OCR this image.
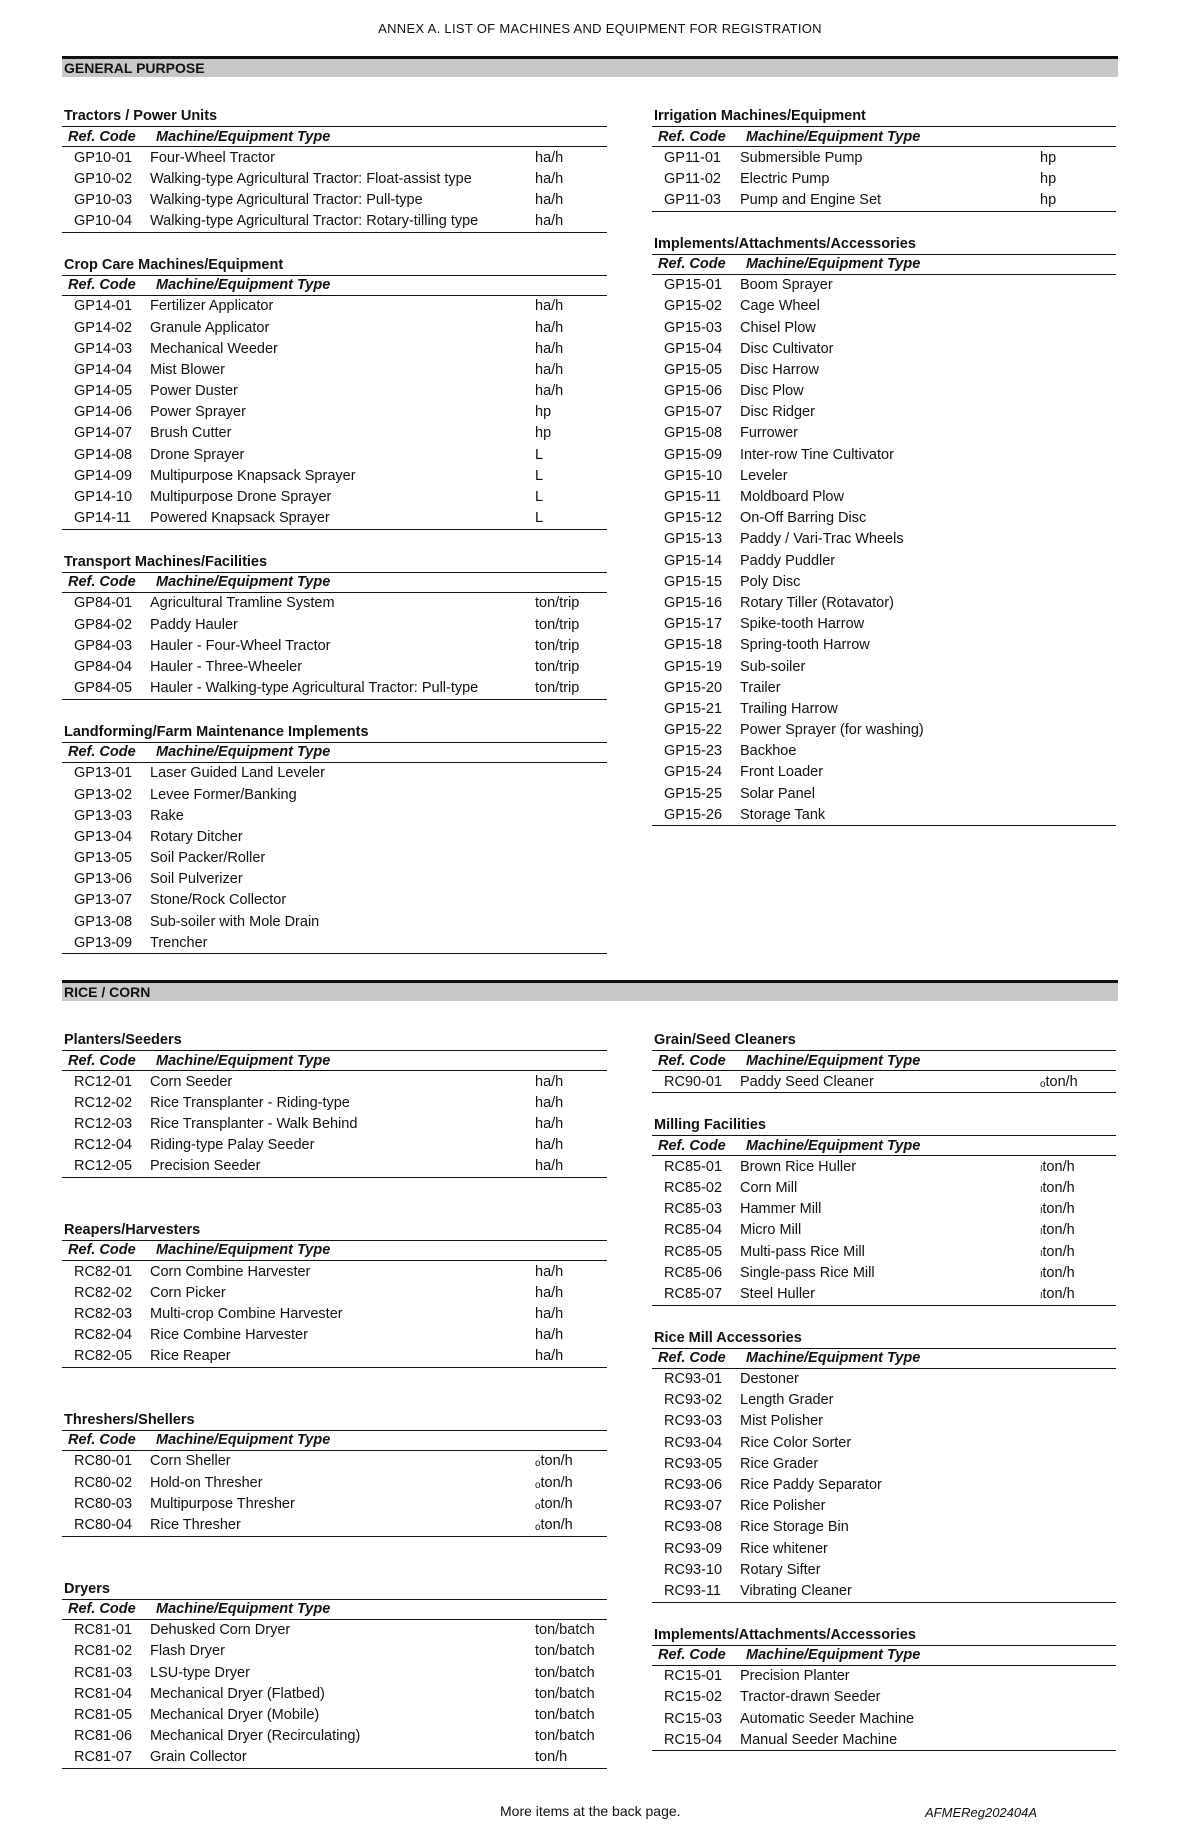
ANNEX A. LIST OF MACHINES AND EQUIPMENT FOR REGISTRATION
GENERAL PURPOSE
Tractors / Power Units
Ref. Code	Machine/Equipment Type	
GP10-01	Four-Wheel Tractor	ha/h
GP10-02	Walking-type Agricultural Tractor: Float-assist type	ha/h
GP10-03	Walking-type Agricultural Tractor: Pull-type	ha/h
GP10-04	Walking-type Agricultural Tractor: Rotary-tilling type	ha/h
Crop Care Machines/Equipment
Ref. Code	Machine/Equipment Type	
GP14-01	Fertilizer Applicator	ha/h
GP14-02	Granule Applicator	ha/h
GP14-03	Mechanical Weeder	ha/h
GP14-04	Mist Blower	ha/h
GP14-05	Power Duster	ha/h
GP14-06	Power Sprayer	hp
GP14-07	Brush Cutter	hp
GP14-08	Drone Sprayer	L
GP14-09	Multipurpose Knapsack Sprayer	L
GP14-10	Multipurpose Drone Sprayer	L
GP14-11	Powered Knapsack Sprayer	L
Transport Machines/Facilities
Ref. Code	Machine/Equipment Type	
GP84-01	Agricultural Tramline System	ton/trip
GP84-02	Paddy Hauler	ton/trip
GP84-03	Hauler - Four-Wheel Tractor	ton/trip
GP84-04	Hauler - Three-Wheeler	ton/trip
GP84-05	Hauler - Walking-type Agricultural Tractor: Pull-type	ton/trip
Landforming/Farm Maintenance Implements
Ref. Code	Machine/Equipment Type	
GP13-01	Laser Guided Land Leveler	
GP13-02	Levee Former/Banking	
GP13-03	Rake	
GP13-04	Rotary Ditcher	
GP13-05	Soil Packer/Roller	
GP13-06	Soil Pulverizer	
GP13-07	Stone/Rock Collector	
GP13-08	Sub-soiler with Mole Drain	
GP13-09	Trencher	
Irrigation Machines/Equipment
Ref. Code	Machine/Equipment Type	
GP11-01	Submersible Pump	hp
GP11-02	Electric Pump	hp
GP11-03	Pump and Engine Set	hp
Implements/Attachments/Accessories
Ref. Code	Machine/Equipment Type	
GP15-01	Boom Sprayer	
GP15-02	Cage Wheel	
GP15-03	Chisel Plow	
GP15-04	Disc Cultivator	
GP15-05	Disc Harrow	
GP15-06	Disc Plow	
GP15-07	Disc Ridger	
GP15-08	Furrower	
GP15-09	Inter-row Tine Cultivator	
GP15-10	Leveler	
GP15-11	Moldboard Plow	
GP15-12	On-Off Barring Disc	
GP15-13	Paddy / Vari-Trac Wheels	
GP15-14	Paddy Puddler	
GP15-15	Poly Disc	
GP15-16	Rotary Tiller (Rotavator)	
GP15-17	Spike-tooth Harrow	
GP15-18	Spring-tooth Harrow	
GP15-19	Sub-soiler	
GP15-20	Trailer	
GP15-21	Trailing Harrow	
GP15-22	Power Sprayer (for washing)	
GP15-23	Backhoe	
GP15-24	Front Loader	
GP15-25	Solar Panel	
GP15-26	Storage Tank	
RICE / CORN
Planters/Seeders
Ref. Code	Machine/Equipment Type	
RC12-01	Corn Seeder	ha/h
RC12-02	Rice Transplanter - Riding-type	ha/h
RC12-03	Rice Transplanter - Walk Behind	ha/h
RC12-04	Riding-type Palay Seeder	ha/h
RC12-05	Precision Seeder	ha/h
Reapers/Harvesters
Ref. Code	Machine/Equipment Type	
RC82-01	Corn Combine Harvester	ha/h
RC82-02	Corn Picker	ha/h
RC82-03	Multi-crop Combine Harvester	ha/h
RC82-04	Rice Combine Harvester	ha/h
RC82-05	Rice Reaper	ha/h
Threshers/Shellers
Ref. Code	Machine/Equipment Type	
RC80-01	Corn Sheller	ₒton/h
RC80-02	Hold-on Thresher	ₒton/h
RC80-03	Multipurpose Thresher	ₒton/h
RC80-04	Rice Thresher	ₒton/h
Dryers
Ref. Code	Machine/Equipment Type	
RC81-01	Dehusked Corn Dryer	ton/batch
RC81-02	Flash Dryer	ton/batch
RC81-03	LSU-type Dryer	ton/batch
RC81-04	Mechanical Dryer (Flatbed)	ton/batch
RC81-05	Mechanical Dryer (Mobile)	ton/batch
RC81-06	Mechanical Dryer (Recirculating)	ton/batch
RC81-07	Grain Collector	ton/h
Grain/Seed Cleaners
Ref. Code	Machine/Equipment Type	
RC90-01	Paddy Seed Cleaner	ₒton/h
Milling Facilities
Ref. Code	Machine/Equipment Type	
RC85-01	Brown Rice Huller	ₗton/h
RC85-02	Corn Mill	ₗton/h
RC85-03	Hammer Mill	ₗton/h
RC85-04	Micro Mill	ₗton/h
RC85-05	Multi-pass Rice Mill	ₗton/h
RC85-06	Single-pass Rice Mill	ₗton/h
RC85-07	Steel Huller	ₗton/h
Rice Mill Accessories
Ref. Code	Machine/Equipment Type	
RC93-01	Destoner	
RC93-02	Length Grader	
RC93-03	Mist Polisher	
RC93-04	Rice Color Sorter	
RC93-05	Rice Grader	
RC93-06	Rice Paddy Separator	
RC93-07	Rice Polisher	
RC93-08	Rice Storage Bin	
RC93-09	Rice whitener	
RC93-10	Rotary Sifter	
RC93-11	Vibrating Cleaner	
Implements/Attachments/Accessories
Ref. Code	Machine/Equipment Type	
RC15-01	Precision Planter	
RC15-02	Tractor-drawn Seeder	
RC15-03	Automatic Seeder Machine	
RC15-04	Manual Seeder Machine	
More items at the back page.	AFMEReg202404A
